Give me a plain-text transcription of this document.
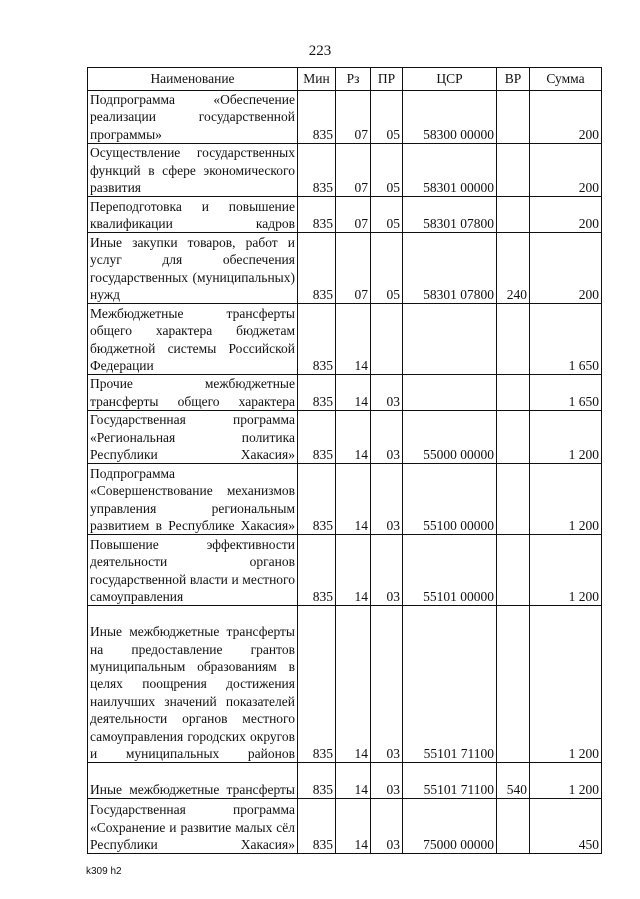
223
Наименование	Мин	Рз	ПР	ЦСР	ВР	Сумма
Подпрограмма «Обеспечение реализации государственной программы»	835	07	05	58300 00000		200
Осуществление государственных функций в сфере экономического развития	835	07	05	58301 00000		200
Переподготовка и повышение квалификации кадров	835	07	05	58301 07800		200
Иные закупки товаров, работ и услуг для обеспечения государственных (муниципальных) нужд	835	07	05	58301 07800	240	200
Межбюджетные трансферты общего характера бюджетам бюджетной системы Российской Федерации	835	14				1 650
Прочие межбюджетные трансферты общего характера	835	14	03			1 650
Государственная программа «Региональная политика Республики Хакасия»	835	14	03	55000 00000		1 200
Подпрограмма «Совершенствование механизмов управления региональным развитием в Республике Хакасия»	835	14	03	55100 00000		1 200
Повышение эффективности деятельности органов государственной власти и местного самоуправления	835	14	03	55101 00000		1 200
Иные межбюджетные трансферты на предоставление грантов муниципальным образованиям в целях поощрения достижения наилучших значений показателей деятельности органов местного самоуправления городских округов и муниципальных районов	835	14	03	55101 71100		1 200
Иные межбюджетные трансферты	835	14	03	55101 71100	540	1 200
Государственная программа «Сохранение и развитие малых сёл Республики Хакасия»	835	14	03	75000 00000		450
k309 h2
